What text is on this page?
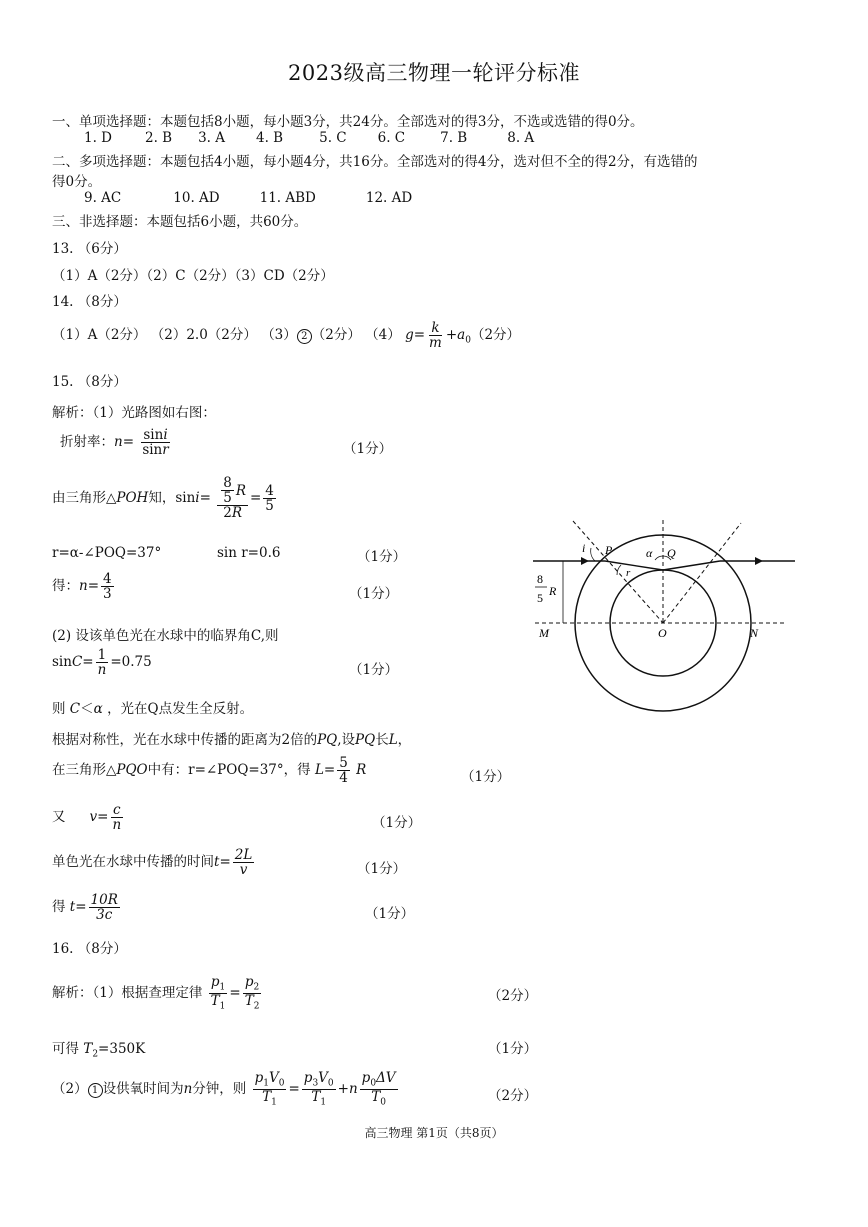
2023级高三物理一轮评分标准
一、单项选择题：本题包括8小题，每小题3分，共24分。全部选对的得3分，不选或选错的得0分。
1. D 2. B 3. A 4. B	5. C 6. C	7. B	8. A
二、多项选择题：本题包括4小题，每小题4分，共16分。全部选对的得4分，选对但不全的得2分，有选错的
得0分。
9. AC	10. AD	11. ABD	12. AD
三、非选择题：本题包括6小题，共60分。
13. （6分）
（1）A（2分）（2）C（2分）（3）CD（2分）
14. （8分）
（1）A（2分） （2）2.0（2分） （3） 2 （2分） （4） $g= \frac{k}{m} +a_0(2$分）
15. （8分）
解析：（1）光路图如右图：
折射率：$n= \frac{\sin i}{\sin r}$	（1分）
由三角形△POH知，$\sin i= \frac{\frac{8}{5} R}{2R} = \frac{4}{5}$
r=α-∠POQ=37°	sin r=0.6	（1分）
得：$n= \frac{4}{3}$	（1分）
(2) 设该单色光在水球中的临界角C,则
$\sin C= \frac{1}{n} =0.75$	（1分）
则 C＜α ，光在Q点发生全反射。
根据对称性，光在水球中传播的距离为2倍的PQ,设PQ长L，
在三角形△PQO中有：r=∠POQ=37°，得 $L= \frac{5}{4}$ R	（1分）
又 $v= \frac{c}{n}$	（1分）
单色光在水球中传播的时间$t= \frac{2L}{v}$	（1分）
得 $t= \frac{10R}{3c}$	（1分）
i P	α Q
r
8
5 R
M	O	N
16. （8分）
解析：（1）根据查理定律 $\frac{p_1}{T_1} = \frac{p_2}{T_2}$	（2分）
可得 $T_2=350K$	（1分）
（2） 1 设供氧时间为n分钟，则 $\frac{p_1V_0}{T_1} = \frac{p_3V_0}{T_1} +n \frac{p_0\Delta V}{T_0}$	（2分）
高三物理 第1页（共8页）
